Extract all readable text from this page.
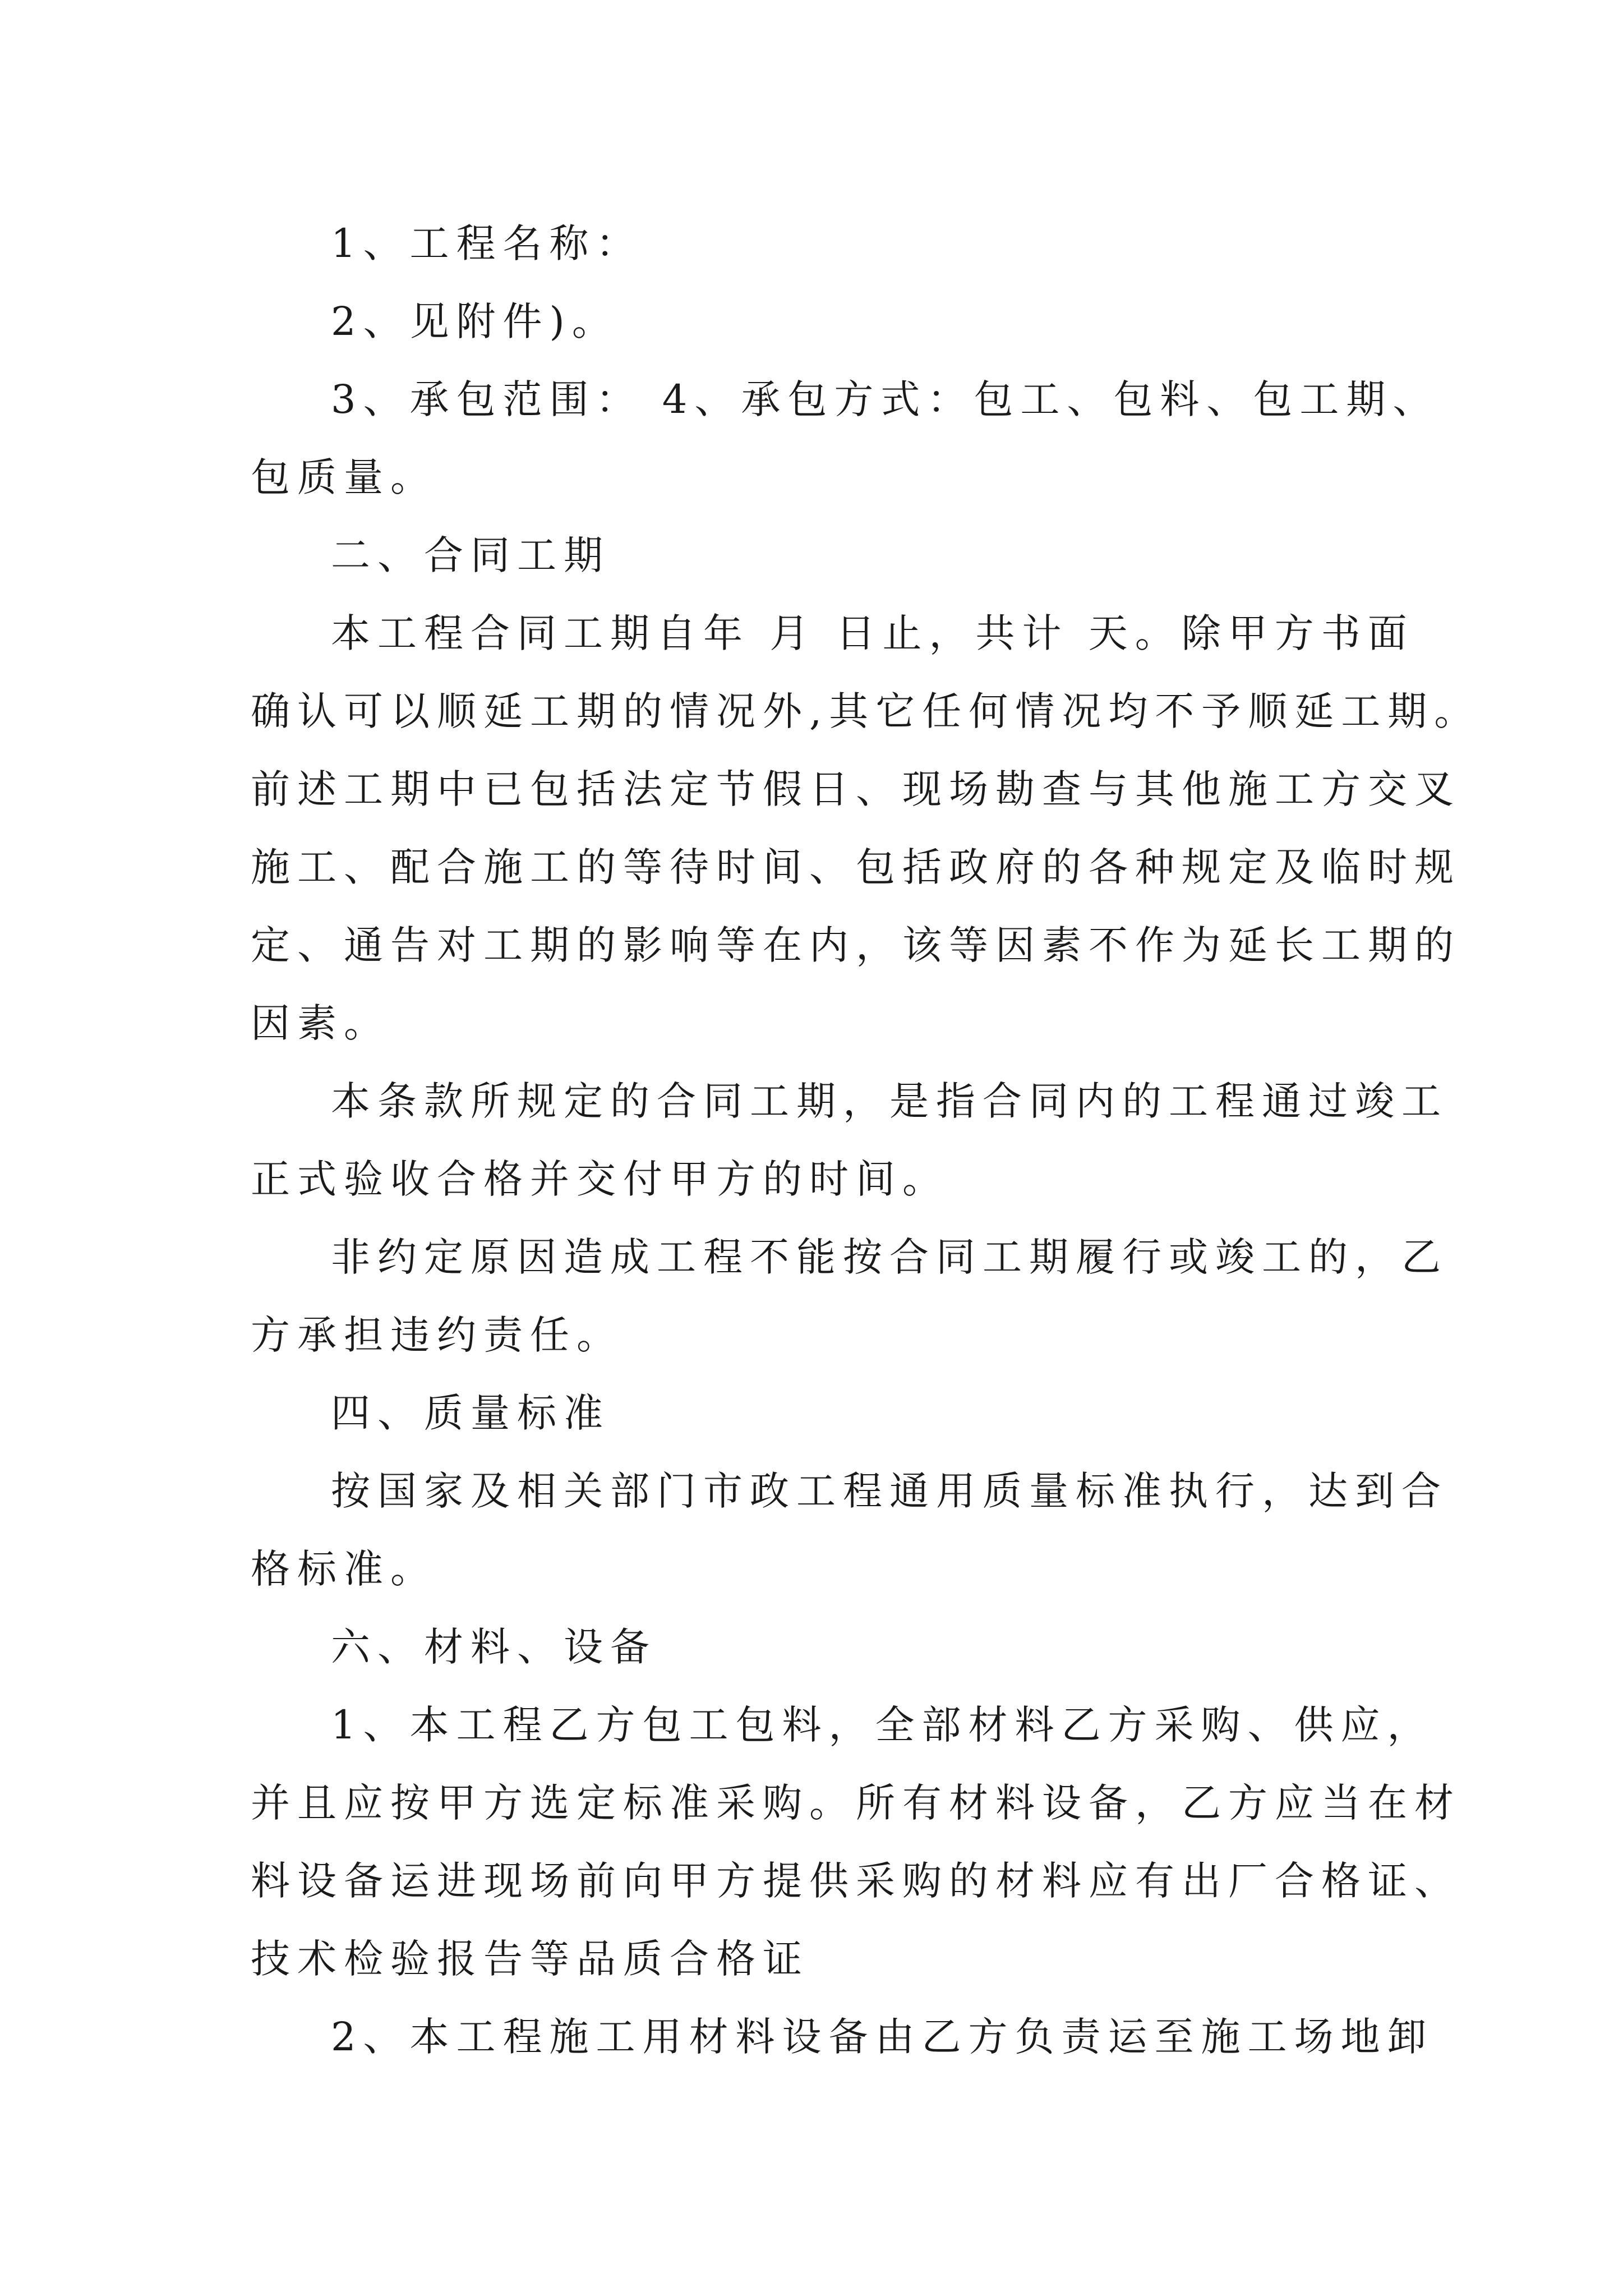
1、工程名称：
2、见附件)。
3、承包范围： 4、承包方式：包工、包料、包工期、
包质量。
二、合同工期
本工程合同工期自年 月 日止，共计 天。除甲方书面
确认可以顺延工期的情况外,其它任何情况均不予顺延工期。
前述工期中已包括法定节假日、现场勘查与其他施工方交叉
施工、配合施工的等待时间、包括政府的各种规定及临时规
定、通告对工期的影响等在内，该等因素不作为延长工期的
因素。
本条款所规定的合同工期，是指合同内的工程通过竣工
正式验收合格并交付甲方的时间。
非约定原因造成工程不能按合同工期履行或竣工的，乙
方承担违约责任。
四、质量标准
按国家及相关部门市政工程通用质量标准执行，达到合
格标准。
六、材料、设备
1、本工程乙方包工包料，全部材料乙方采购、供应，
并且应按甲方选定标准采购。所有材料设备，乙方应当在材
料设备运进现场前向甲方提供采购的材料应有出厂合格证、
技术检验报告等品质合格证
2、本工程施工用材料设备由乙方负责运至施工场地卸
